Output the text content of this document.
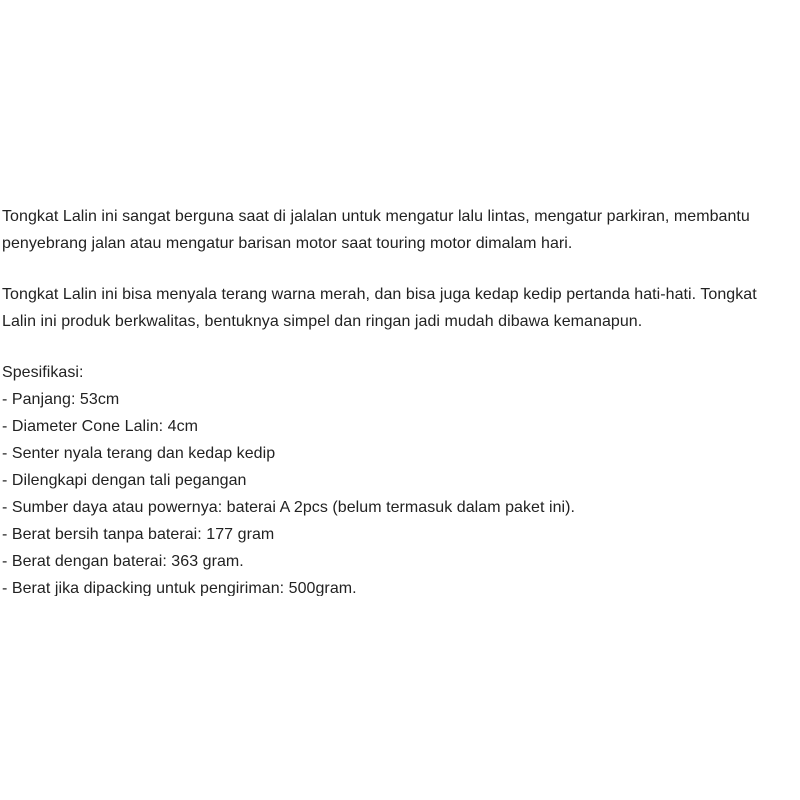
Tongkat Lalin ini sangat berguna saat di jalalan untuk mengatur lalu lintas, mengatur parkiran, membantu
penyebrang jalan atau mengatur barisan motor saat touring motor dimalam hari.

Tongkat Lalin ini bisa menyala terang warna merah, dan bisa juga kedap kedip pertanda hati-hati. Tongkat
Lalin ini produk berkwalitas, bentuknya simpel dan ringan jadi mudah dibawa kemanapun.

Spesifikasi:
- Panjang: 53cm
- Diameter Cone Lalin: 4cm
- Senter nyala terang dan kedap kedip
- Dilengkapi dengan tali pegangan
- Sumber daya atau powernya: baterai A 2pcs (belum termasuk dalam paket ini).
- Berat bersih tanpa baterai: 177 gram
- Berat dengan baterai: 363 gram.
- Berat jika dipacking untuk pengiriman: 500gram.
